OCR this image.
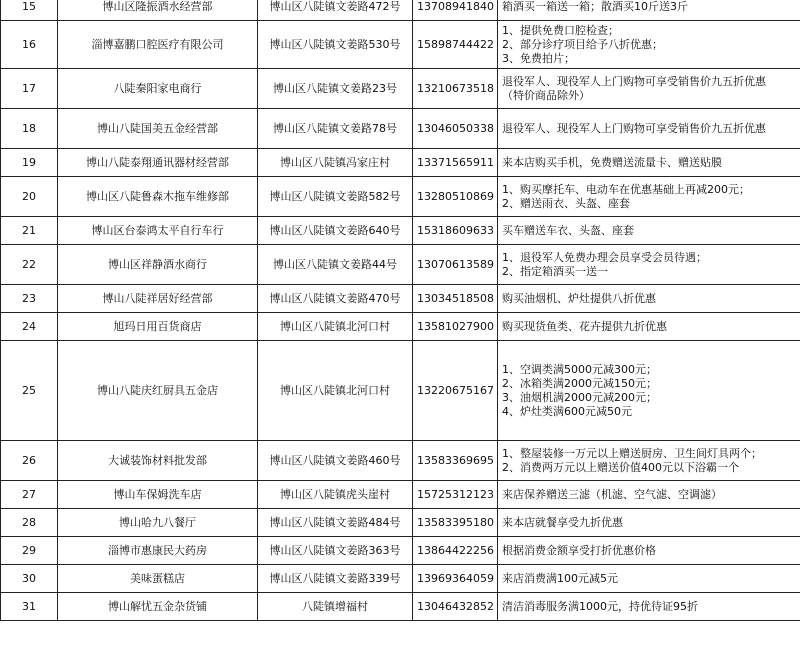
15	博山区隆振酒水经营部	博山区八陡镇文姜路472号	13708941840	箱酒买一箱送一箱；散酒买10斤送3斤

16	淄博嘉鹏口腔医疗有限公司	博山区八陡镇文姜路530号	15898744422	1、提供免费口腔检查；
2、部分诊疗项目给予八折优惠；
3、免费拍片；

17	八陡秦阳家电商行	博山区八陡镇文姜路23号	13210673518	退役军人、现役军人上门购物可享受销售价九五折优惠
（特价商品除外）

18	博山八陡国美五金经营部	博山区八陡镇文姜路78号	13046050338	退役军人、现役军人上门购物可享受销售价九五折优惠

19	博山八陡泰翔通讯器材经营部	博山区八陡镇冯家庄村	13371565911	来本店购买手机，免费赠送流量卡、赠送贴膜

20	博山区八陡鲁森木拖车维修部	博山区八陡镇文姜路582号	13280510869	1、购买摩托车、电动车在优惠基础上再减200元；
2、赠送雨衣、头盔、座套

21	博山区台泰鸿太平自行车行	博山区八陡镇文姜路640号	15318609633	买车赠送车衣、头盔、座套

22	博山区祥静酒水商行	博山区八陡镇文姜路44号	13070613589	1、退役军人免费办理会员享受会员待遇；
2、指定箱酒买一送一

23	博山八陡祥居好经营部	博山区八陡镇文姜路470号	13034518508	购买油烟机、炉灶提供八折优惠

24	旭玛日用百货商店	博山区八陡镇北河口村	13581027900	购买现货鱼类、花卉提供九折优惠

25	博山八陡庆红厨具五金店	博山区八陡镇北河口村	13220675167	1、空调类满5000元减300元；
2、冰箱类满2000元减150元；
3、油烟机满2000元减200元；
4、炉灶类满600元减50元

26	大诚装饰材料批发部	博山区八陡镇文姜路460号	13583369695	1、整屋装修一万元以上赠送厨房、卫生间灯具两个；
2、消费两万元以上赠送价值400元以下浴霸一个

27	博山车保姆洗车店	博山区八陡镇虎头崖村	15725312123	来店保养赠送三滤（机滤、空气滤、空调滤）

28	博山哈九八餐厅	博山区八陡镇文姜路484号	13583395180	来本店就餐享受九折优惠

29	淄博市惠康民大药房	博山区八陡镇文姜路363号	13864422256	根据消费金额享受打折优惠价格

30	美味蛋糕店	博山区八陡镇文姜路339号	13969364059	来店消费满100元减5元

31	博山解忧五金杂货铺	八陡镇增福村	13046432852	清洁消毒服务满1000元，持优待证95折
